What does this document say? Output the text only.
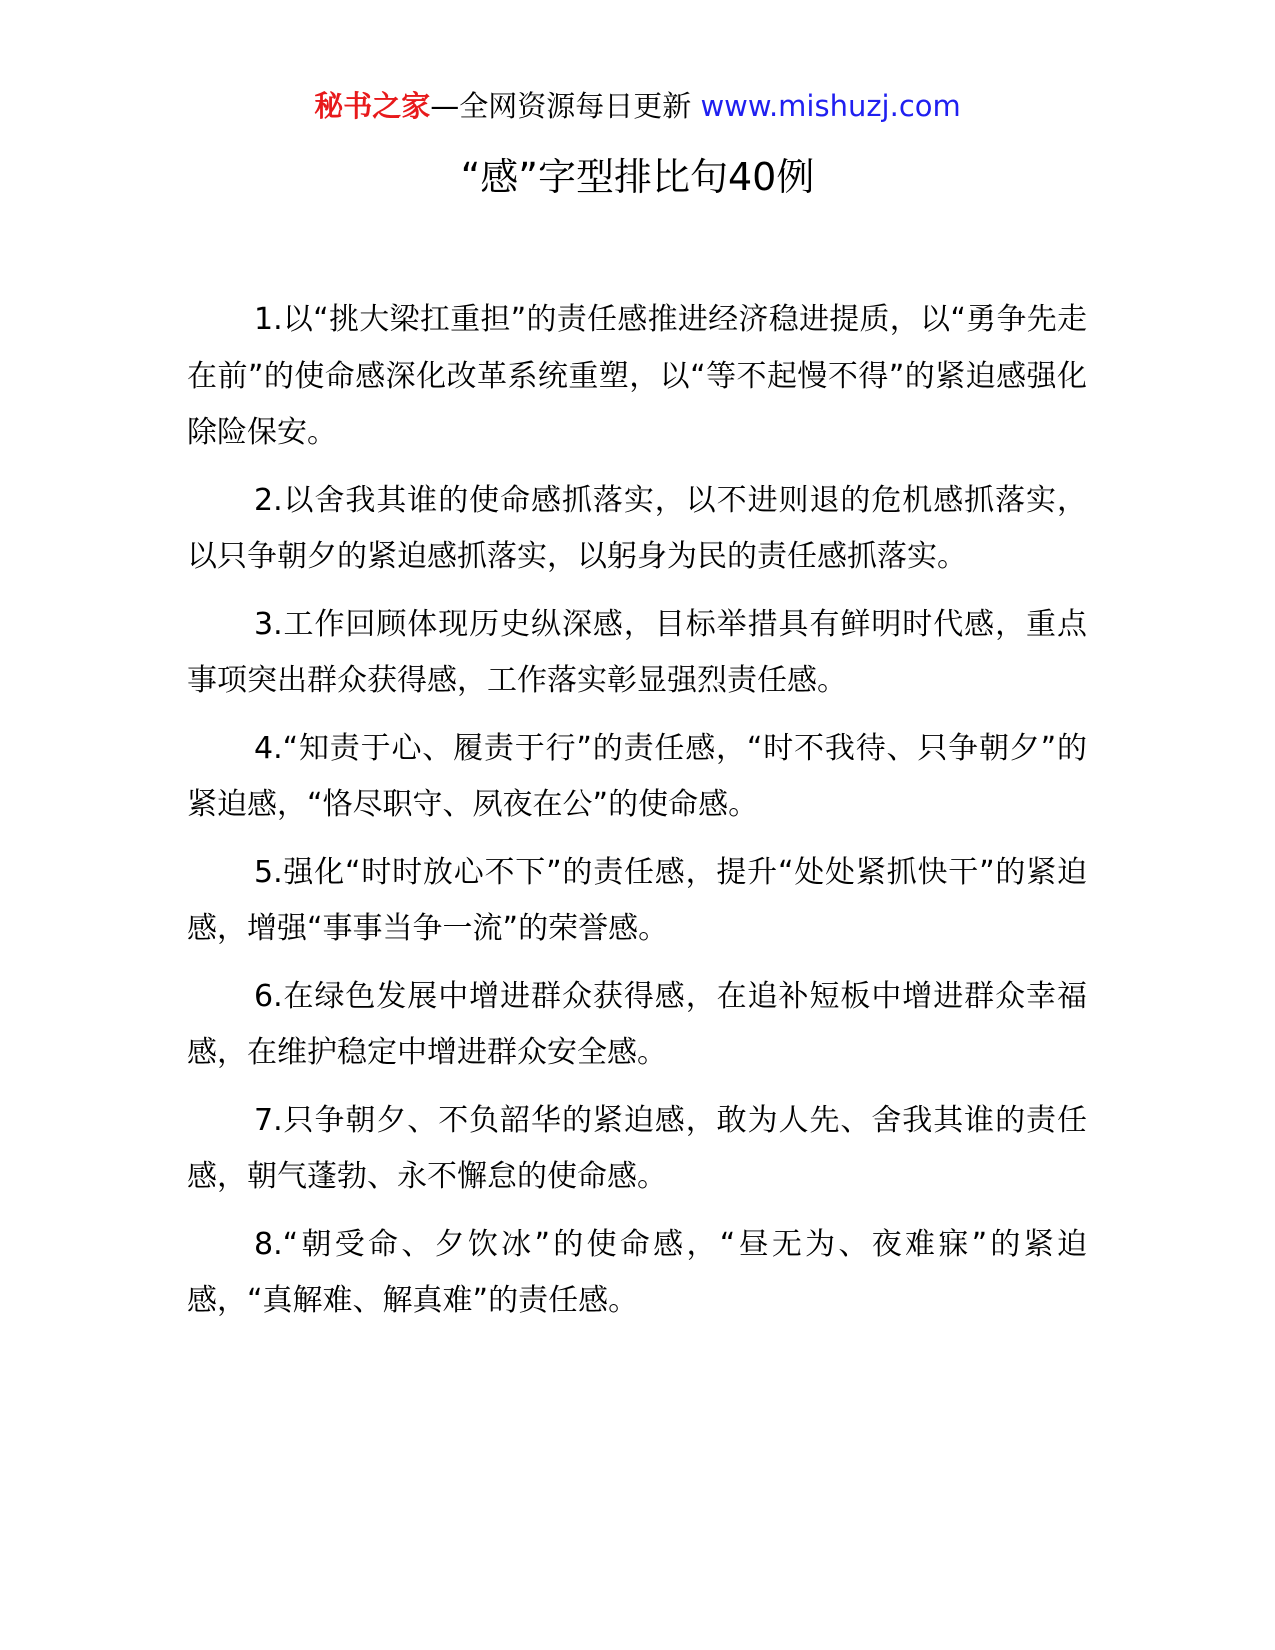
秘书之家—全网资源每日更新 www.mishuzj.com
“感”字型排比句40例

1.以“挑大梁扛重担”的责任感推进经济稳进提质，以“勇争先走在前”的使命感深化改革系统重塑，以“等不起慢不得”的紧迫感强化除险保安。

2.以舍我其谁的使命感抓落实，以不进则退的危机感抓落实，以只争朝夕的紧迫感抓落实，以躬身为民的责任感抓落实。

3.工作回顾体现历史纵深感，目标举措具有鲜明时代感，重点事项突出群众获得感，工作落实彰显强烈责任感。

4.“知责于心、履责于行”的责任感，“时不我待、只争朝夕”的紧迫感，“恪尽职守、夙夜在公”的使命感。

5.强化“时时放心不下”的责任感，提升“处处紧抓快干”的紧迫感，增强“事事当争一流”的荣誉感。

6.在绿色发展中增进群众获得感，在追补短板中增进群众幸福感，在维护稳定中增进群众安全感。

7.只争朝夕、不负韶华的紧迫感，敢为人先、舍我其谁的责任感，朝气蓬勃、永不懈怠的使命感。

8.“朝受命、夕饮冰”的使命感，“昼无为、夜难寐”的紧迫感，“真解难、解真难”的责任感。
